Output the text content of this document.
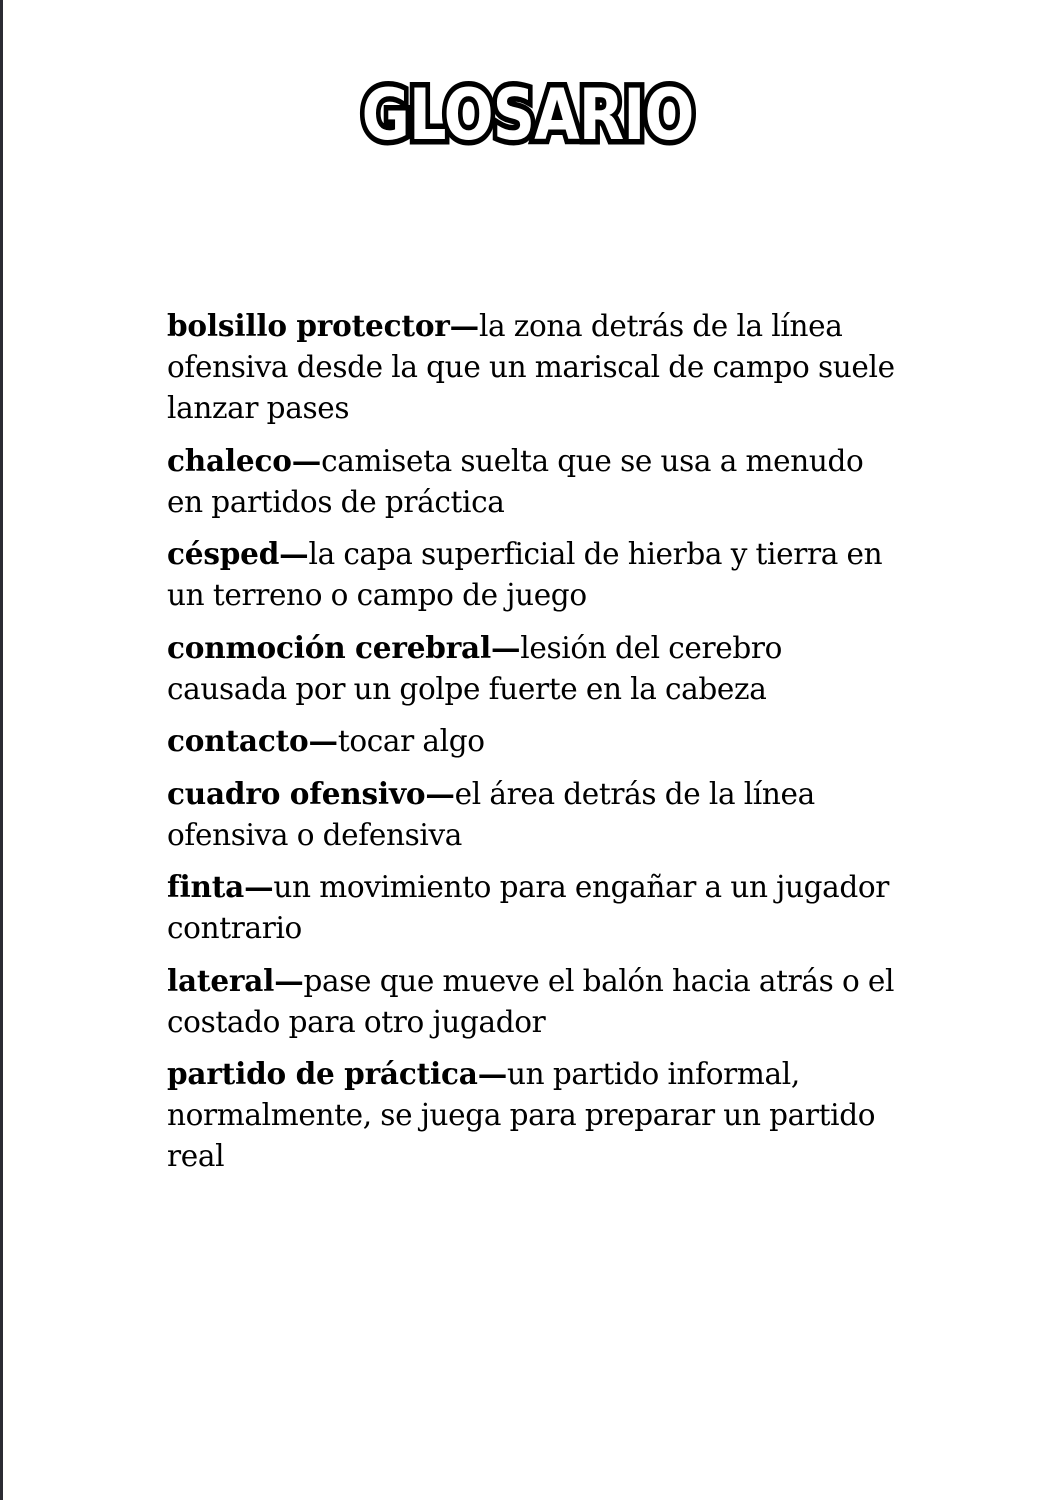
GLOSARIO

bolsillo protector—la zona detrás de la línea ofensiva desde la que un mariscal de campo suele lanzar pases

chaleco—camiseta suelta que se usa a menudo en partidos de práctica

césped—la capa superficial de hierba y tierra en un terreno o campo de juego

conmoción cerebral—lesión del cerebro causada por un golpe fuerte en la cabeza

contacto—tocar algo

cuadro ofensivo—el área detrás de la línea ofensiva o defensiva

finta—un movimiento para engañar a un jugador contrario

lateral—pase que mueve el balón hacia atrás o el costado para otro jugador

partido de práctica—un partido informal, normalmente, se juega para preparar un partido real
